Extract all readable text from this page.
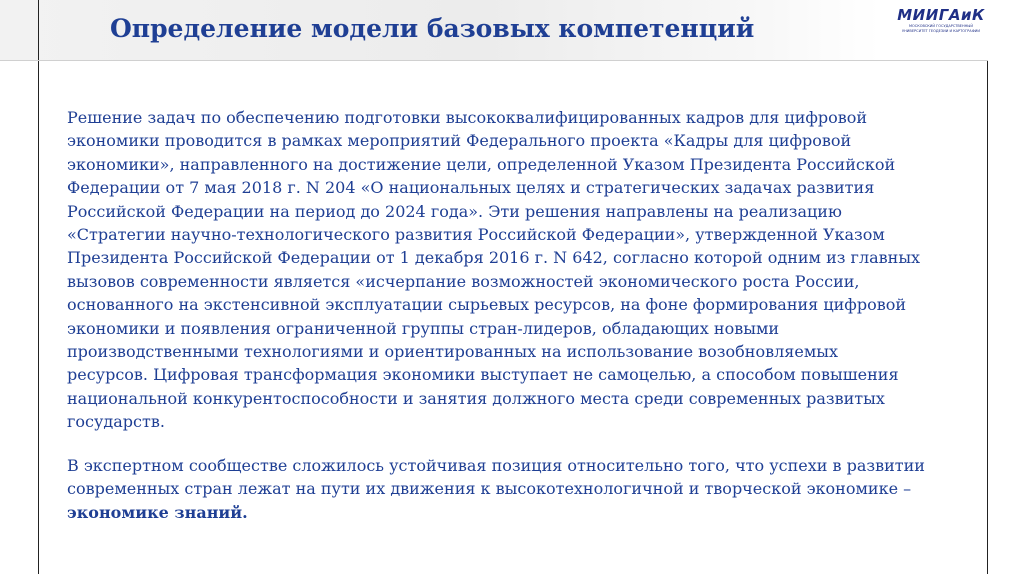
Определение модели базовых компетенций	МИИГАиК
МОСКОВСКИЙ ГОСУДАРСТВЕННЫЙ УНИВЕРСИТЕТ ГЕОДЕЗИИ И КАРТОГРАФИИ

Решение задач по обеспечению подготовки высококвалифицированных кадров для цифровой
экономики проводится в рамках мероприятий Федерального проекта «Кадры для цифровой
экономики», направленного на достижение цели, определенной Указом Президента Российской
Федерации от 7 мая 2018 г. N 204 «О национальных целях и стратегических задачах развития
Российской Федерации на период до 2024 года». Эти решения направлены на реализацию
«Стратегии научно-технологического развития Российской Федерации», утвержденной Указом
Президента Российской Федерации от 1 декабря 2016 г. N 642, согласно которой одним из главных
вызовов современности является «исчерпание возможностей экономического роста России,
основанного на экстенсивной эксплуатации сырьевых ресурсов, на фоне формирования цифровой
экономики и появления ограниченной группы стран-лидеров, обладающих новыми
производственными технологиями и ориентированных на использование возобновляемых
ресурсов. Цифровая трансформация экономики выступает не самоцелью, а способом повышения
национальной конкурентоспособности и занятия должного места среди современных развитых
государств.

В экспертном сообществе сложилось устойчивая позиция относительно того, что успехи в развитии
современных стран лежат на пути их движения к высокотехнологичной и творческой экономике –
экономике знаний.
